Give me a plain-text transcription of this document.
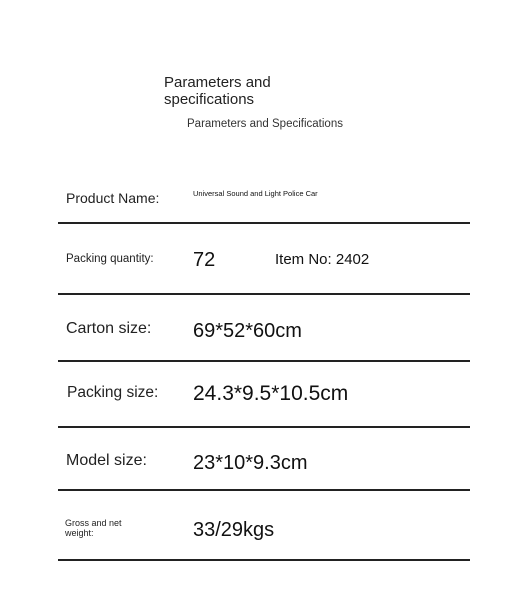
Parameters and specifications
Parameters and Specifications
Product Name:	Universal Sound and Light Police Car
Packing quantity: 72	Item No: 2402
Carton size: 69*52*60cm
Packing size: 24.3*9.5*10.5cm
Model size: 23*10*9.3cm
Gross and net weight:	33/29kgs
